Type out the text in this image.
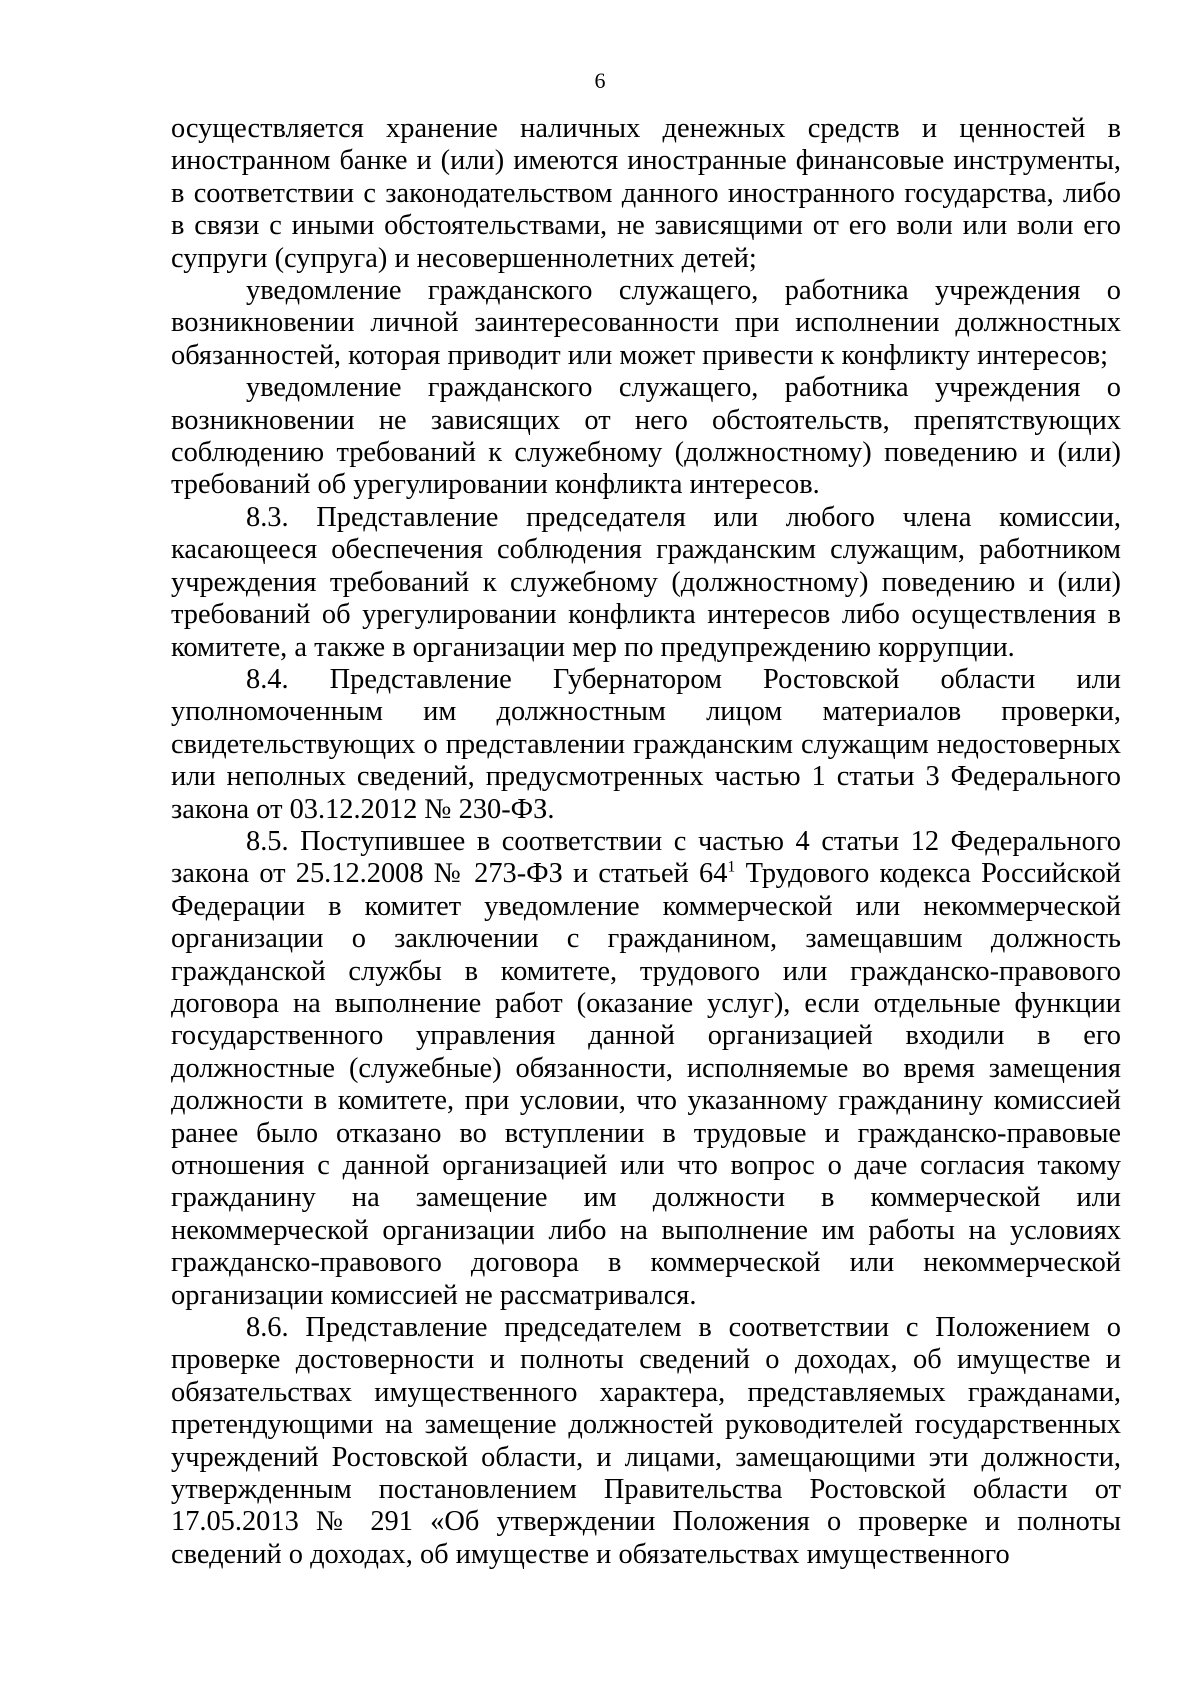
6

осуществляется хранение наличных денежных средств и ценностей в иностранном банке и (или) имеются иностранные финансовые инструменты, в соответствии с законодательством данного иностранного государства, либо в связи с иными обстоятельствами, не зависящими от его воли или воли его супруги (супруга) и несовершеннолетних детей;

уведомление гражданского служащего, работника учреждения о возникновении личной заинтересованности при исполнении должностных обязанностей, которая приводит или может привести к конфликту интересов;

уведомление гражданского служащего, работника учреждения о возникновении не зависящих от него обстоятельств, препятствующих соблюдению требований к служебному (должностному) поведению и (или) требований об урегулировании конфликта интересов.

8.3. Представление председателя или любого члена комиссии, касающееся обеспечения соблюдения гражданским служащим, работником учреждения требований к служебному (должностному) поведению и (или) требований об урегулировании конфликта интересов либо осуществления в комитете, а также в организации мер по предупреждению коррупции.

8.4. Представление Губернатором Ростовской области или уполномоченным им должностным лицом материалов проверки, свидетельствующих о представлении гражданским служащим недостоверных или неполных сведений, предусмотренных частью 1 статьи 3 Федерального закона от 03.12.2012 № 230-ФЗ.

8.5. Поступившее в соответствии с частью 4 статьи 12 Федерального закона от 25.12.2008 № 273-ФЗ и статьей $64^1$ Трудового кодекса Российской Федерации в комитет уведомление коммерческой или некоммерческой организации о заключении с гражданином, замещавшим должность гражданской службы в комитете, трудового или гражданско-правового договора на выполнение работ (оказание услуг), если отдельные функции государственного управления данной организацией входили в его должностные (служебные) обязанности, исполняемые во время замещения должности в комитете, при условии, что указанному гражданину комиссией ранее было отказано во вступлении в трудовые и гражданско-правовые отношения с данной организацией или что вопрос о даче согласия такому гражданину на замещение им должности в коммерческой или некоммерческой организации либо на выполнение им работы на условиях гражданско-правового договора в коммерческой или некоммерческой организации комиссией не рассматривался.

8.6. Представление председателем в соответствии с Положением о проверке достоверности и полноты сведений о доходах, об имуществе и обязательствах имущественного характера, представляемых гражданами, претендующими на замещение должностей руководителей государственных учреждений Ростовской области, и лицами, замещающими эти должности, утвержденным постановлением Правительства Ростовской области от 17.05.2013 № 291 «Об утверждении Положения о проверке и полноты сведений о доходах, об имуществе и обязательствах имущественного
